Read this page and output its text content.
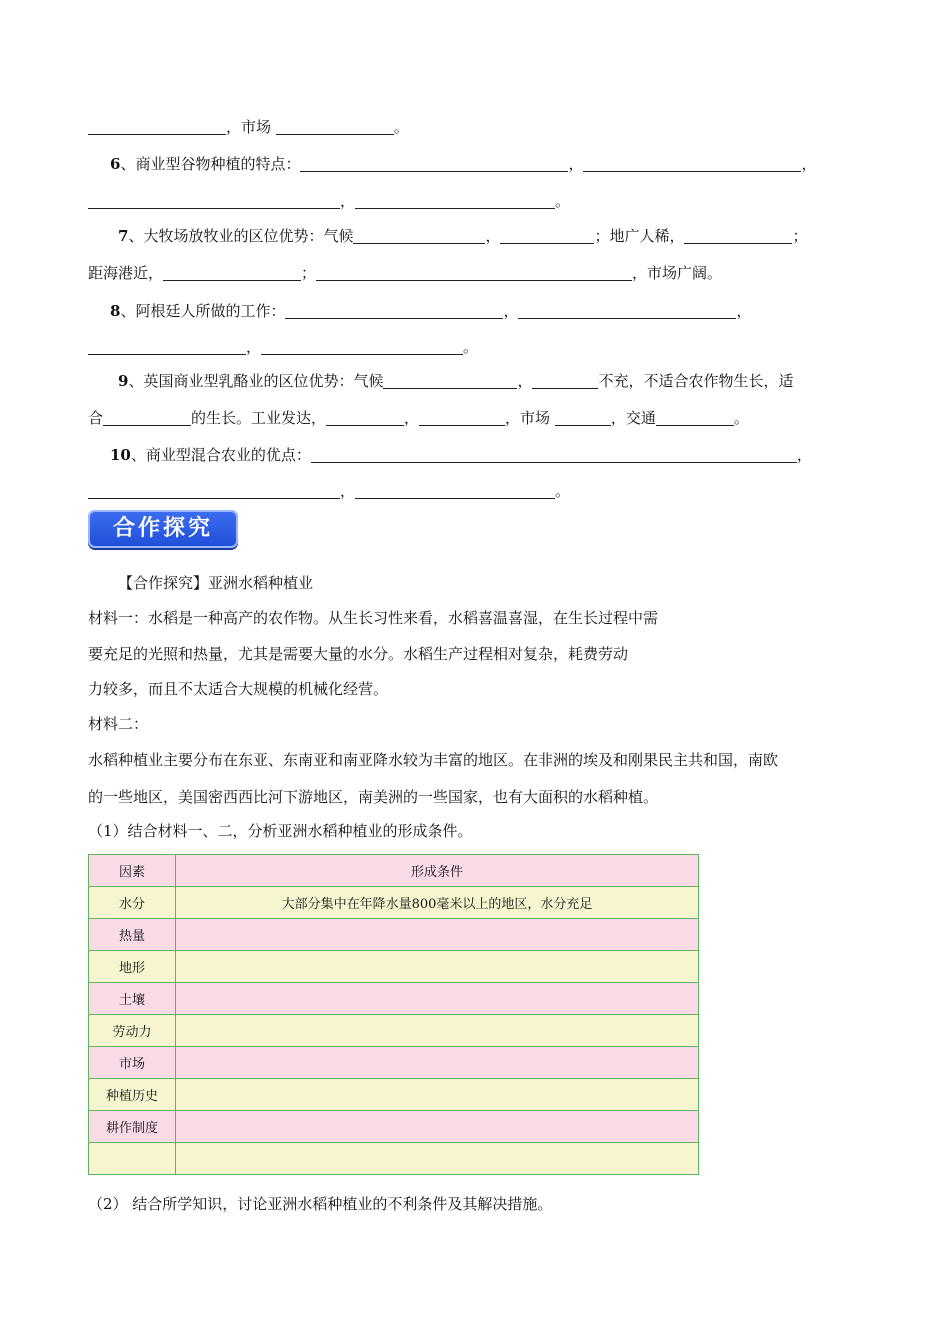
，市场	。
6、商业型谷物种植的特点：	，	，
，	。
7、大牧场放牧业的区位优势：气候	，	；地广人稀，	；
距海港近，	；	，市场广阔。
8、阿根廷人所做的工作：	，	，
，	。
9、英国商业型乳酪业的区位优势：气候	，	不充，不适合农作物生长，适
合	的生长。工业发达，	，	，市场	，交通	。
10、商业型混合农业的优点：	，
，	。
合作探究
【合作探究】亚洲水稻种植业
材料一：水稻是一种高产的农作物。从生长习性来看，水稻喜温喜湿，在生长过程中需
要充足的光照和热量，尤其是需要大量的水分。水稻生产过程相对复杂，耗费劳动
力较多，而且不太适合大规模的机械化经营。
材料二：
水稻种植业主要分布在东亚、东南亚和南亚降水较为丰富的地区。在非洲的埃及和刚果民主共和国，南欧
的一些地区，美国密西西比河下游地区，南美洲的一些国家，也有大面积的水稻种植。
（1）结合材料一、二，分析亚洲水稻种植业的形成条件。
因素	形成条件
水分	大部分集中在年降水量800毫米以上的地区，水分充足
热量	
地形	
土壤	
劳动力	
市场	
种植历史	
耕作制度	

（2） 结合所学知识，讨论亚洲水稻种植业的不利条件及其解决措施。
